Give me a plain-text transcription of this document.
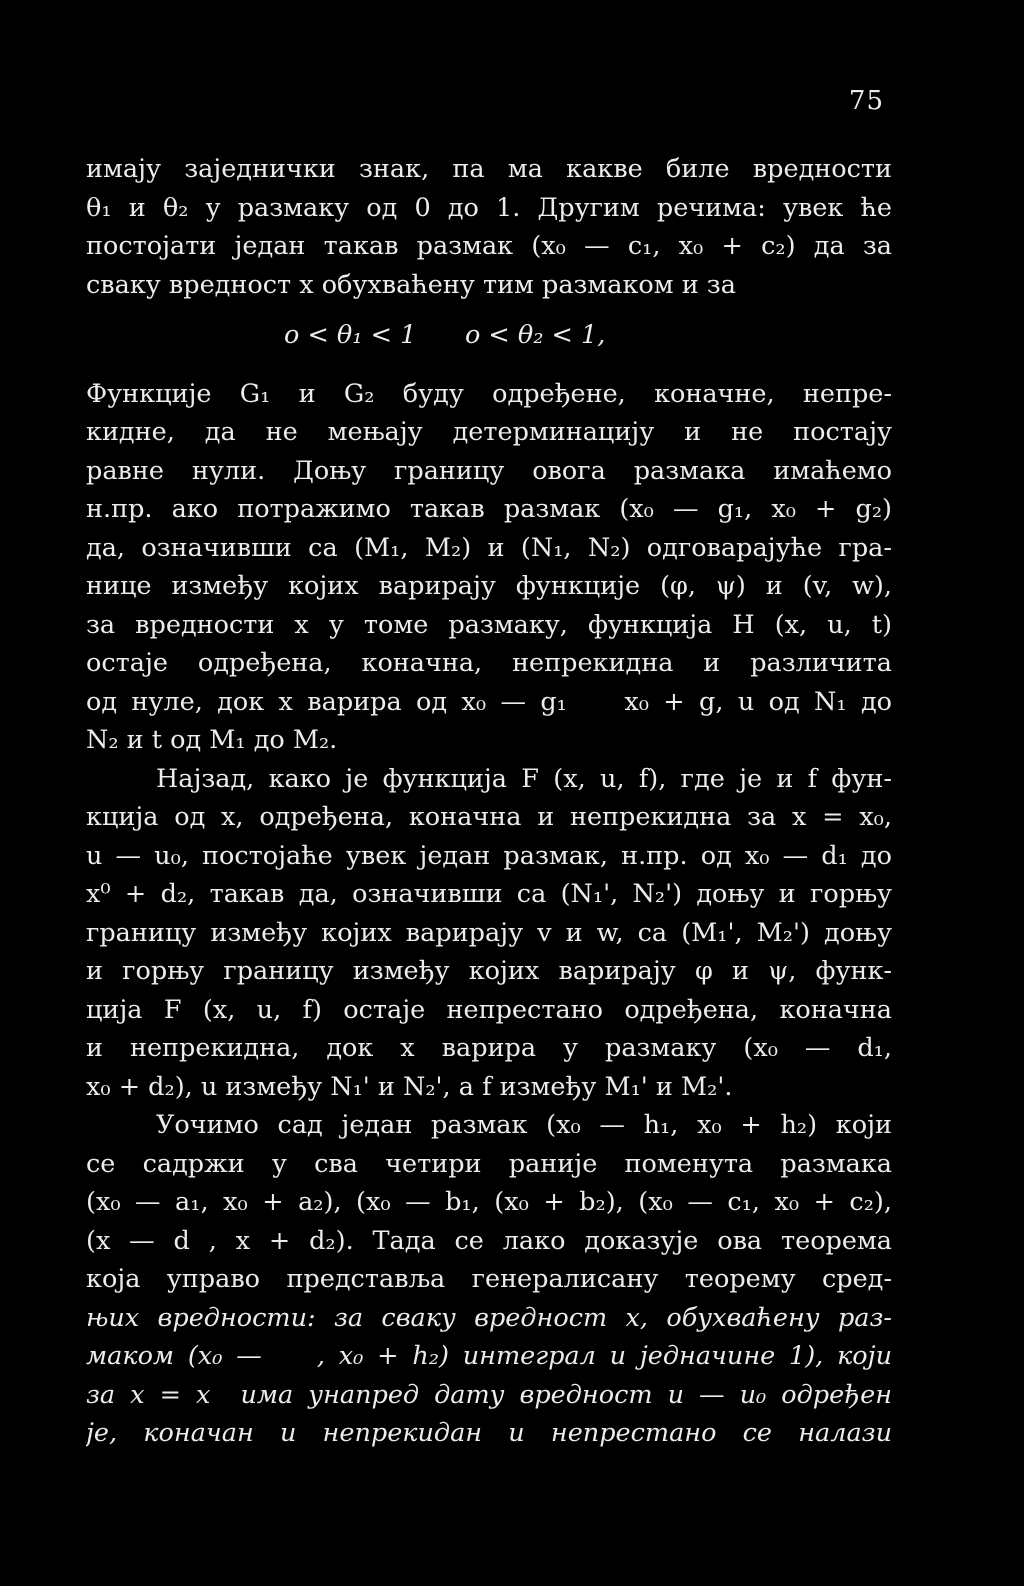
75
имају заједнички знак, па ма какве биле вредности
θ₁ и θ₂ у размаку од 0 до 1. Другим речима: увек ће
постојати један такав размак (x₀ — c₁, x₀ + c₂) да за
сваку вредност x обухваћену тим размаком и за
o < θ₁ < 1      o < θ₂ < 1,
Функције G₁ и G₂ буду одређене, коначне, непре-
кидне, да не мењају детерминацију и не постају
равне нули. Доњу границу овога размака имаћемо
н.пр. ако потражимо такав размак (x₀ — g₁, x₀ + g₂)
да, означивши са (M₁, M₂) и (N₁, N₂) одговарајуће гра-
нице између којих варирају функције (φ, ψ) и (v, w),
за вредности x у томе размаку, функција H (x, u, t)
остаје одређена, коначна, непрекидна и различита
од нуле, док x варира од x₀ — g₁    x₀ + g, u од N₁ до
N₂ и t од M₁ до M₂.
Најзад, како је функција F (x, u, f), где је и f фун-
кција од x, одређена, коначна и непрекидна за x = x₀,
u — u₀, постојаће увек један размак, н.пр. од x₀ — d₁ до
x⁰ + d₂, такав да, означивши са (N₁', N₂') доњу и горњу
границу између којих варирају v и w, са (M₁', M₂') доњу
и горњу границу између којих варирају φ и ψ, функ-
ција F (x, u, f) остаје непрестано одређена, коначна
и непрекидна, док x варира у размаку (x₀ — d₁,
x₀ + d₂), u између N₁' и N₂', а f између M₁' и M₂'.
Уочимо сад један размак (x₀ — h₁, x₀ + h₂) који
се садржи у сва четири раније поменута размака
(x₀ — a₁, x₀ + a₂), (x₀ — b₁, (x₀ + b₂), (x₀ — c₁, x₀ + c₂),
(x — d , x + d₂). Тада се лако доказује ова теорема
која управо представља генералисану теорему сред-
њих вредности: за сваку вредност x, обухваћену раз-
маком (x₀ —    , x₀ + h₂) интеграл u једначине 1), који
за x = x  има унапред дату вредност u — u₀ одређен
је, коначан и непрекидан и непрестано се налази
